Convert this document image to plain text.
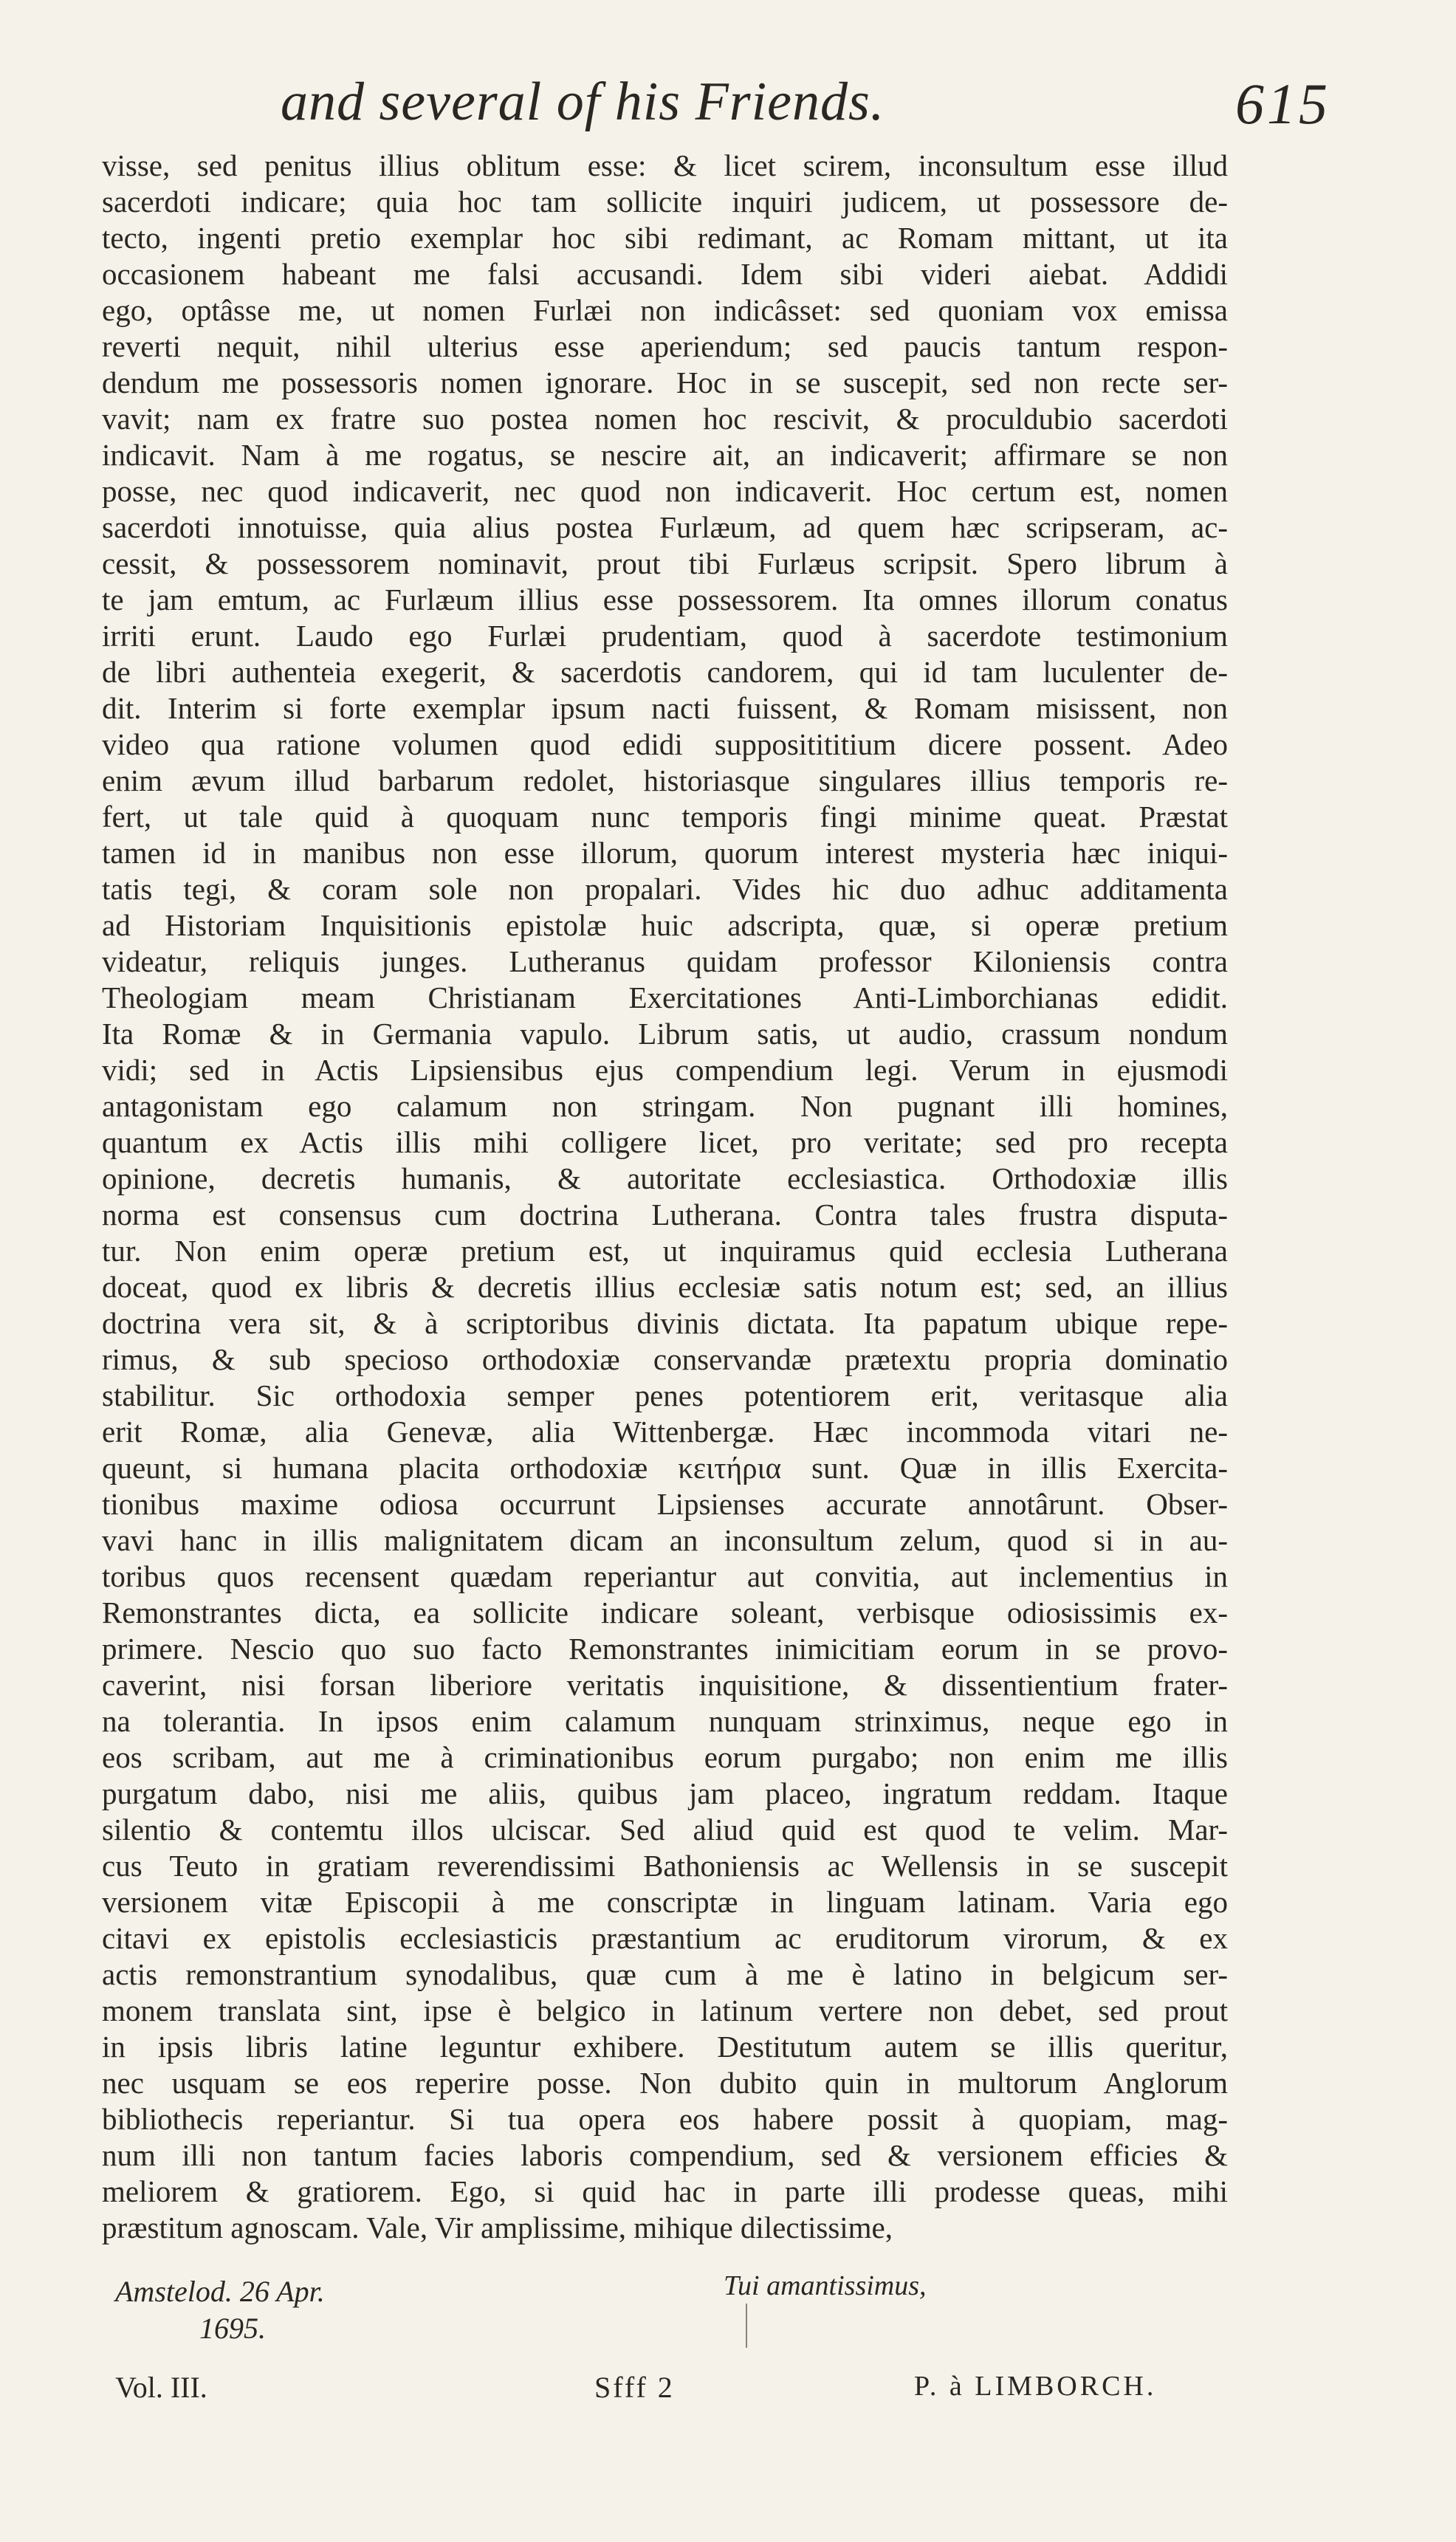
and several of his Friends.	615
visse, sed penitus illius oblitum esse: & licet scirem, inconsultum esse illud
sacerdoti indicare; quia hoc tam sollicite inquiri judicem, ut possessore de-
tecto, ingenti pretio exemplar hoc sibi redimant, ac Romam mittant, ut ita
occasionem habeant me falsi accusandi. Idem sibi videri aiebat. Addidi
ego, optâsse me, ut nomen Furlæi non indicâsset: sed quoniam vox emissa
reverti nequit, nihil ulterius esse aperiendum; sed paucis tantum respon-
dendum me possessoris nomen ignorare. Hoc in se suscepit, sed non recte ser-
vavit; nam ex fratre suo postea nomen hoc rescivit, & proculdubio sacerdoti
indicavit. Nam à me rogatus, se nescire ait, an indicaverit; affirmare se non
posse, nec quod indicaverit, nec quod non indicaverit. Hoc certum est, nomen
sacerdoti innotuisse, quia alius postea Furlæum, ad quem hæc scripseram, ac-
cessit, & possessorem nominavit, prout tibi Furlæus scripsit. Spero librum à
te jam emtum, ac Furlæum illius esse possessorem. Ita omnes illorum conatus
irriti erunt. Laudo ego Furlæi prudentiam, quod à sacerdote testimonium
de libri authenteia exegerit, & sacerdotis candorem, qui id tam luculenter de-
dit. Interim si forte exemplar ipsum nacti fuissent, & Romam misissent, non
video qua ratione volumen quod edidi suppositititium dicere possent. Adeo
enim ævum illud barbarum redolet, historiasque singulares illius temporis re-
fert, ut tale quid à quoquam nunc temporis fingi minime queat. Præstat
tamen id in manibus non esse illorum, quorum interest mysteria hæc iniqui-
tatis tegi, & coram sole non propalari. Vides hic duo adhuc additamenta
ad Historiam Inquisitionis epistolæ huic adscripta, quæ, si operæ pretium
videatur, reliquis junges. Lutheranus quidam professor Kiloniensis contra
Theologiam meam Christianam Exercitationes Anti-Limborchianas edidit.
Ita Romæ & in Germania vapulo. Librum satis, ut audio, crassum nondum
vidi; sed in Actis Lipsiensibus ejus compendium legi. Verum in ejusmodi
antagonistam ego calamum non stringam. Non pugnant illi homines,
quantum ex Actis illis mihi colligere licet, pro veritate; sed pro recepta
opinione, decretis humanis, & autoritate ecclesiastica. Orthodoxiæ illis
norma est consensus cum doctrina Lutherana. Contra tales frustra disputa-
tur. Non enim operæ pretium est, ut inquiramus quid ecclesia Lutherana
doceat, quod ex libris & decretis illius ecclesiæ satis notum est; sed, an illius
doctrina vera sit, & à scriptoribus divinis dictata. Ita papatum ubique repe-
rimus, & sub speciosо orthodoxiæ conservandæ prætextu propria dominatio
stabilitur. Sic orthodoxia semper penes potentiorem erit, veritasque alia
erit Romæ, alia Genevæ, alia Wittenbergæ. Hæc incommoda vitari ne-
queunt, si humana placita orthodoxiæ κειτήρια sunt. Quæ in illis Exercita-
tionibus maxime odiosa occurrunt Lipsienses accurate annotârunt. Obser-
vavi hanc in illis malignitatem dicam an inconsultum zelum, quod si in au-
toribus quos recensent quædam reperiantur aut convitia, aut inclementius in
Remonstrantes dicta, ea sollicite indicare soleant, verbisque odiosissimis ex-
primere. Nescio quo suo facto Remonstrantes inimicitiam eorum in se provo-
caverint, nisi forsan liberiore veritatis inquisitione, & dissentientium frater-
na tolerantia. In ipsos enim calamum nunquam strinximus, neque ego in
eos scribam, aut me à criminationibus eorum purgabo; non enim me illis
purgatum dabo, nisi me aliis, quibus jam placeo, ingratum reddam. Itaque
silentio & contemtu illos ulciscar. Sed aliud quid est quod te velim. Mar-
cus Teuto in gratiam reverendissimi Bathoniensis ac Wellensis in se suscepit
versionem vitæ Episcopii à me conscriptæ in linguam latinam. Varia ego
citavi ex epistolis ecclesiasticis præstantium ac eruditorum virorum, & ex
actis remonstrantium synodalibus, quæ cum à me è latino in belgicum ser-
monem translata sint, ipse è belgico in latinum vertere non debet, sed prout
in ipsis libris latine leguntur exhibere. Destitutum autem se illis queritur,
nec usquam se eos reperire posse. Non dubito quin in multorum Anglorum
bibliothecis reperiantur. Si tua opera eos habere possit à quopiam, mag-
num illi non tantum facies laboris compendium, sed & versionem efficies &
meliorem & gratiorem. Ego, si quid hac in parte illi prodesse queas, mihi
præstitum agnoscam. Vale, Vir amplissime, mihique dilectissime,
Amstelod. 26 Apr.
1695.
Tui amantissimus,
Vol. III.	Sfff 2	P. à LIMBORCH.
